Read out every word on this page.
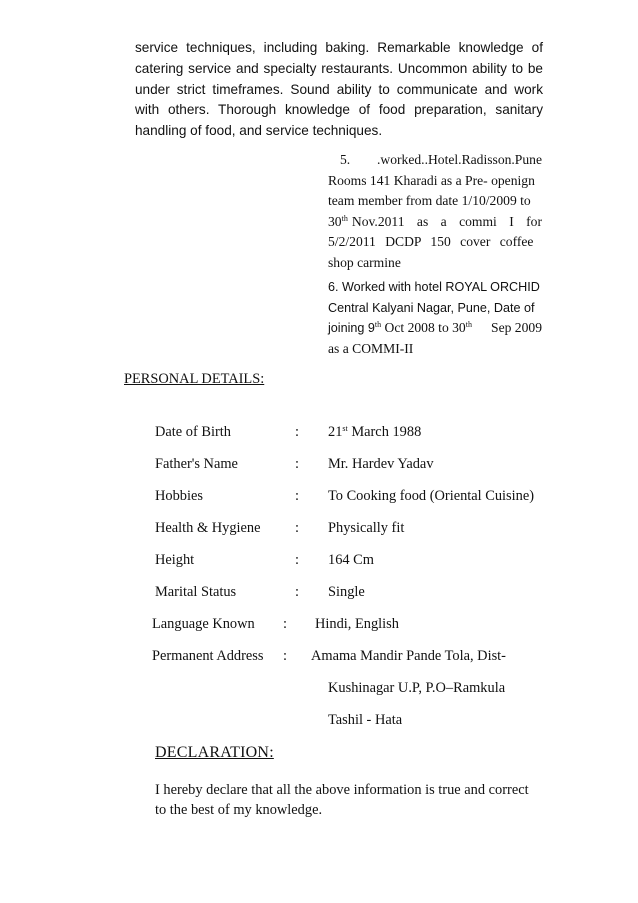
service techniques, including baking. Remarkable knowledge of catering service and specialty restaurants. Uncommon ability to be under strict timeframes. Sound ability to communicate and work with others. Thorough knowledge of food preparation, sanitary handling of food, and service techniques.
5. .worked..Hotel.Radisson.Pune
Rooms 141 Kharadi as a Pre- openign
team member from date 1/10/2009 to
30th Nov.2011 as a commi I for
5/2/2011 DCDP 150 cover coffee
shop carmine
6. Worked with hotel ROYAL ORCHID
Central Kalyani Nagar, Pune, Date of
joining 9th Oct 2008 to 30th Sep 2009
as a COMMI-II
PERSONAL DETAILS:
Date of Birth	: 21st March 1988
Father's Name	: Mr. Hardev Yadav
Hobbies	: To Cooking food (Oriental Cuisine)
Health & Hygiene : Physically fit
Height	: 164 Cm
Marital Status	: Single
Language Known : Hindi, English
Permanent Address : Amama Mandir Pande Tola, Dist-
Kushinagar U.P, P.O–Ramkula
Tashil - Hata
DECLARATION:
I hereby declare that all the above information is true and correct to the best of my knowledge.
